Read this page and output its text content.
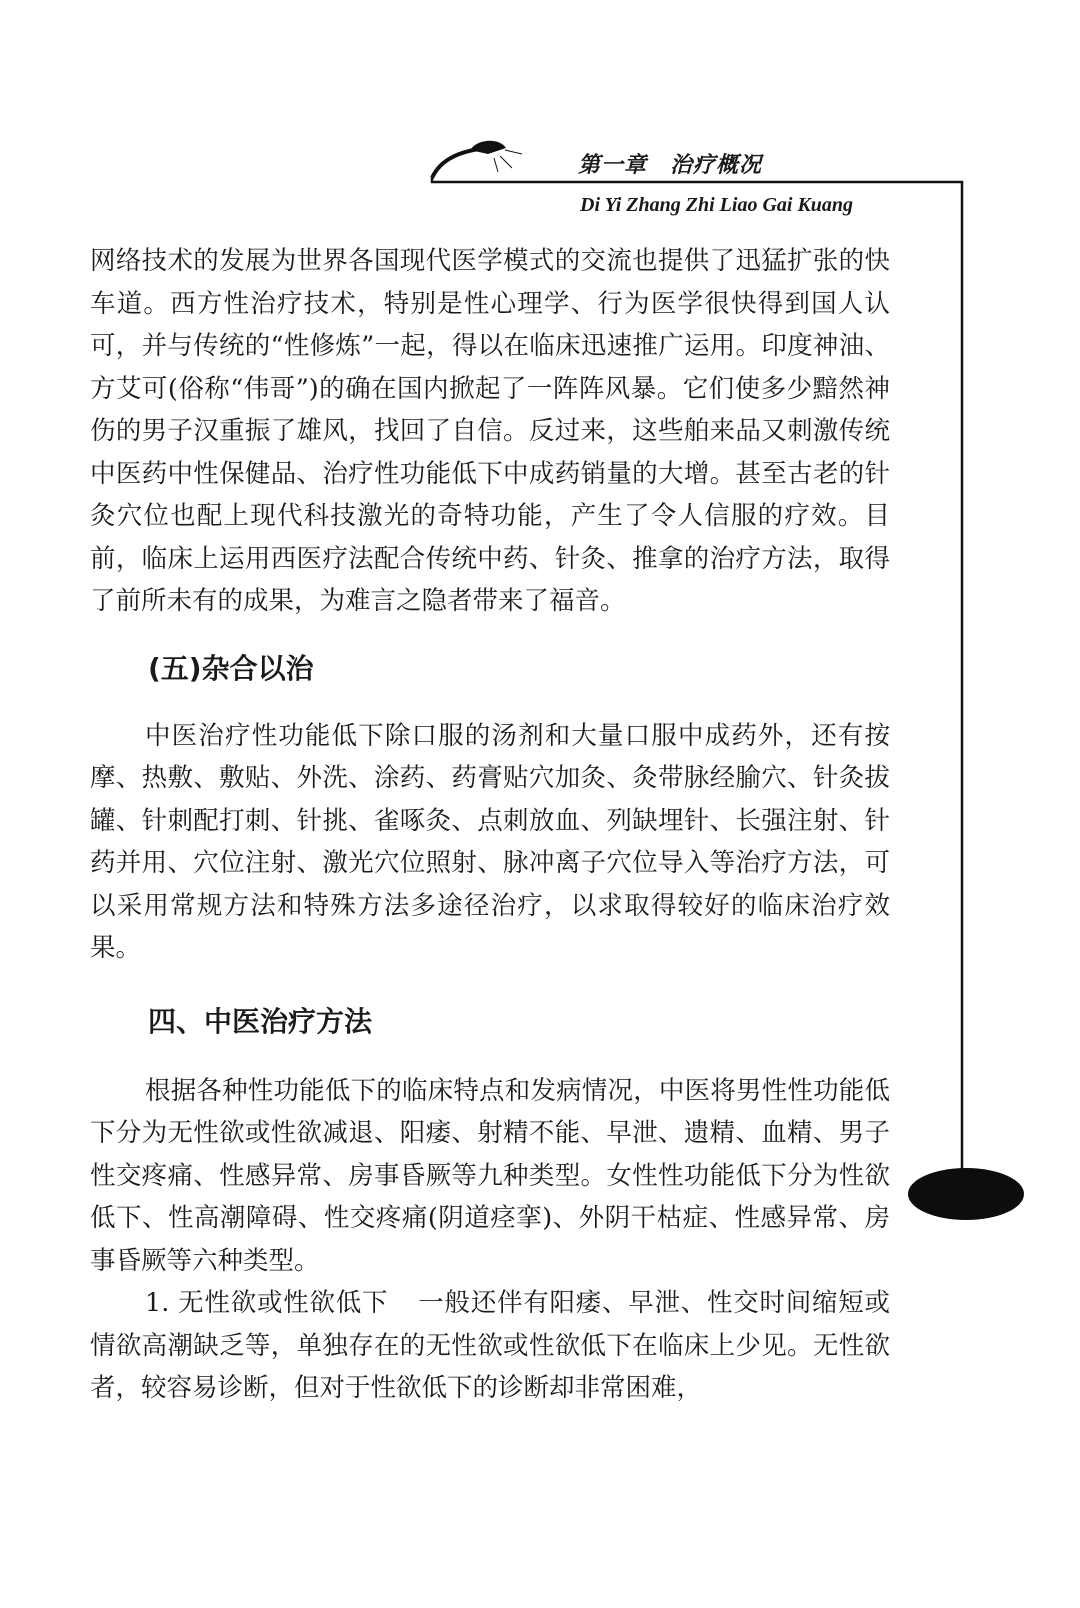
第一章　治疗概况
Di Yi Zhang Zhi Liao Gai Kuang

网络技术的发展为世界各国现代医学模式的交流也提供了迅猛扩张的快车道。西方性治疗技术，特别是性心理学、行为医学很快得到国人认可，并与传统的“性修炼”一起，得以在临床迅速推广运用。印度神油、方艾可(俗称“伟哥”)的确在国内掀起了一阵阵风暴。它们使多少黯然神伤的男子汉重振了雄风，找回了自信。反过来，这些舶来品又刺激传统中医药中性保健品、治疗性功能低下中成药销量的大增。甚至古老的针灸穴位也配上现代科技激光的奇特功能，产生了令人信服的疗效。目前，临床上运用西医疗法配合传统中药、针灸、推拿的治疗方法，取得了前所未有的成果，为难言之隐者带来了福音。

(五)杂合以治

中医治疗性功能低下除口服的汤剂和大量口服中成药外，还有按摩、热敷、敷贴、外洗、涂药、药膏贴穴加灸、灸带脉经腧穴、针灸拔罐、针刺配打刺、针挑、雀啄灸、点刺放血、列缺埋针、长强注射、针药并用、穴位注射、激光穴位照射、脉冲离子穴位导入等治疗方法，可以采用常规方法和特殊方法多途径治疗，以求取得较好的临床治疗效果。

四、中医治疗方法

根据各种性功能低下的临床特点和发病情况，中医将男性性功能低下分为无性欲或性欲减退、阳痿、射精不能、早泄、遗精、血精、男子性交疼痛、性感异常、房事昏厥等九种类型。女性性功能低下分为性欲低下、性高潮障碍、性交疼痛(阴道痉挛)、外阴干枯症、性感异常、房事昏厥等六种类型。

1. 无性欲或性欲低下 一般还伴有阳痿、早泄、性交时间缩短或情欲高潮缺乏等，单独存在的无性欲或性欲低下在临床上少见。无性欲者，较容易诊断，但对于性欲低下的诊断却非常困难，
